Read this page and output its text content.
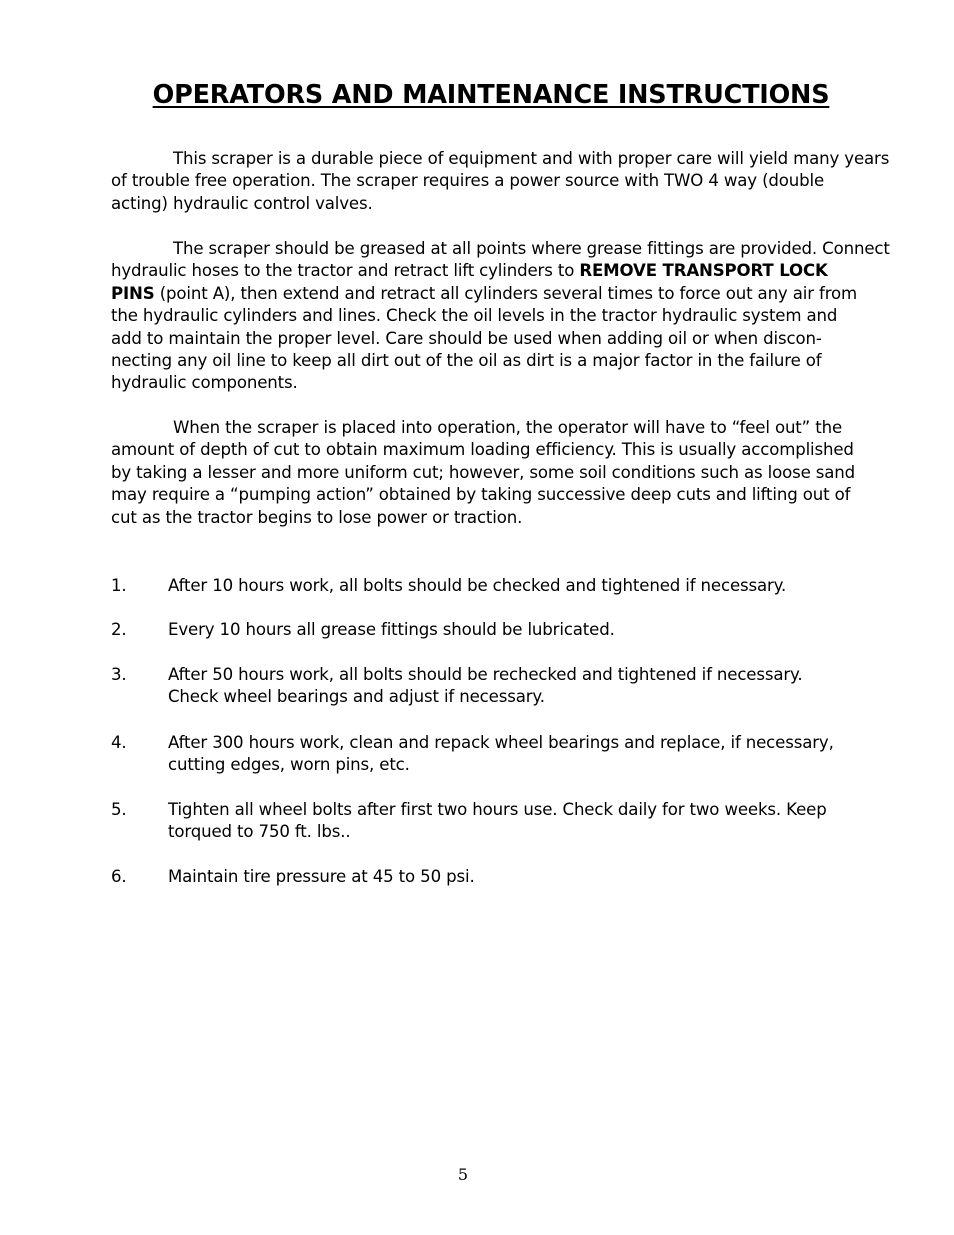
OPERATORS AND MAINTENANCE INSTRUCTIONS

This scraper is a durable piece of equipment and with proper care will yield many years
of trouble free operation. The scraper requires a power source with TWO 4 way (double
acting) hydraulic control valves.

The scraper should be greased at all points where grease fittings are provided. Connect
hydraulic hoses to the tractor and retract lift cylinders to REMOVE TRANSPORT LOCK
PINS (point A), then extend and retract all cylinders several times to force out any air from
the hydraulic cylinders and lines. Check the oil levels in the tractor hydraulic system and
add to maintain the proper level. Care should be used when adding oil or when discon-
necting any oil line to keep all dirt out of the oil as dirt is a major factor in the failure of
hydraulic components.

When the scraper is placed into operation, the operator will have to “feel out” the
amount of depth of cut to obtain maximum loading efficiency. This is usually accomplished
by taking a lesser and more uniform cut; however, some soil conditions such as loose sand
may require a “pumping action” obtained by taking successive deep cuts and lifting out of
cut as the tractor begins to lose power or traction.

1.	After 10 hours work, all bolts should be checked and tightened if necessary.
2.	Every 10 hours all grease fittings should be lubricated.
3.	After 50 hours work, all bolts should be rechecked and tightened if necessary.
Check wheel bearings and adjust if necessary.
4.	After 300 hours work, clean and repack wheel bearings and replace, if necessary,
cutting edges, worn pins, etc.
5.	Tighten all wheel bolts after first two hours use. Check daily for two weeks. Keep
torqued to 750 ft. lbs..
6.	Maintain tire pressure at 45 to 50 psi.
5
